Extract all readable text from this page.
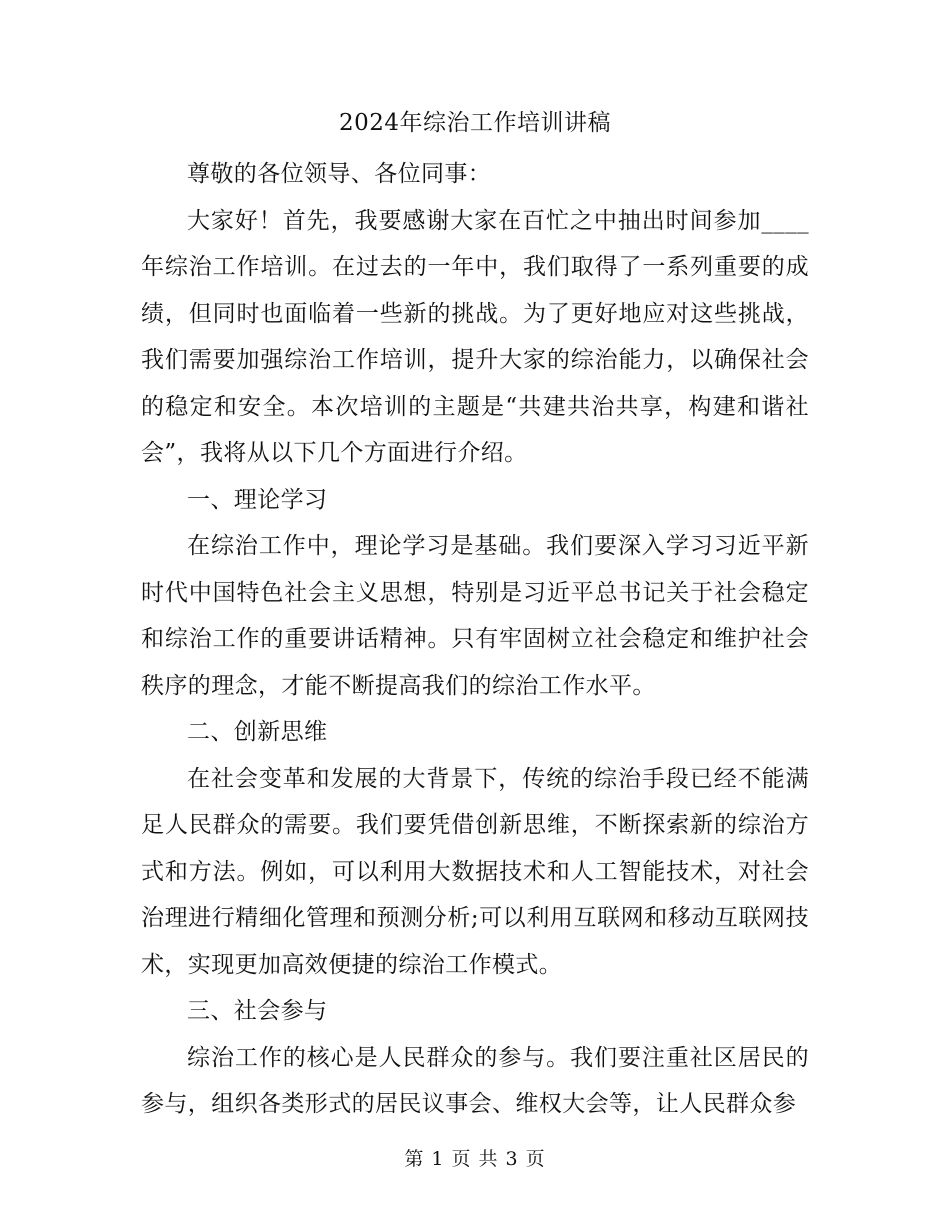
2024年综治工作培训讲稿

尊敬的各位领导、各位同事：

大家好！首先，我要感谢大家在百忙之中抽出时间参加____年综治工作培训。在过去的一年中，我们取得了一系列重要的成绩，但同时也面临着一些新的挑战。为了更好地应对这些挑战，我们需要加强综治工作培训，提升大家的综治能力，以确保社会的稳定和安全。本次培训的主题是“共建共治共享，构建和谐社会”，我将从以下几个方面进行介绍。

一、理论学习

在综治工作中，理论学习是基础。我们要深入学习习近平新时代中国特色社会主义思想，特别是习近平总书记关于社会稳定和综治工作的重要讲话精神。只有牢固树立社会稳定和维护社会秩序的理念，才能不断提高我们的综治工作水平。

二、创新思维

在社会变革和发展的大背景下，传统的综治手段已经不能满足人民群众的需要。我们要凭借创新思维，不断探索新的综治方式和方法。例如，可以利用大数据技术和人工智能技术，对社会治理进行精细化管理和预测分析;可以利用互联网和移动互联网技术，实现更加高效便捷的综治工作模式。

三、社会参与

综治工作的核心是人民群众的参与。我们要注重社区居民的参与，组织各类形式的居民议事会、维权大会等，让人民群众参

第 1 页 共 3 页
